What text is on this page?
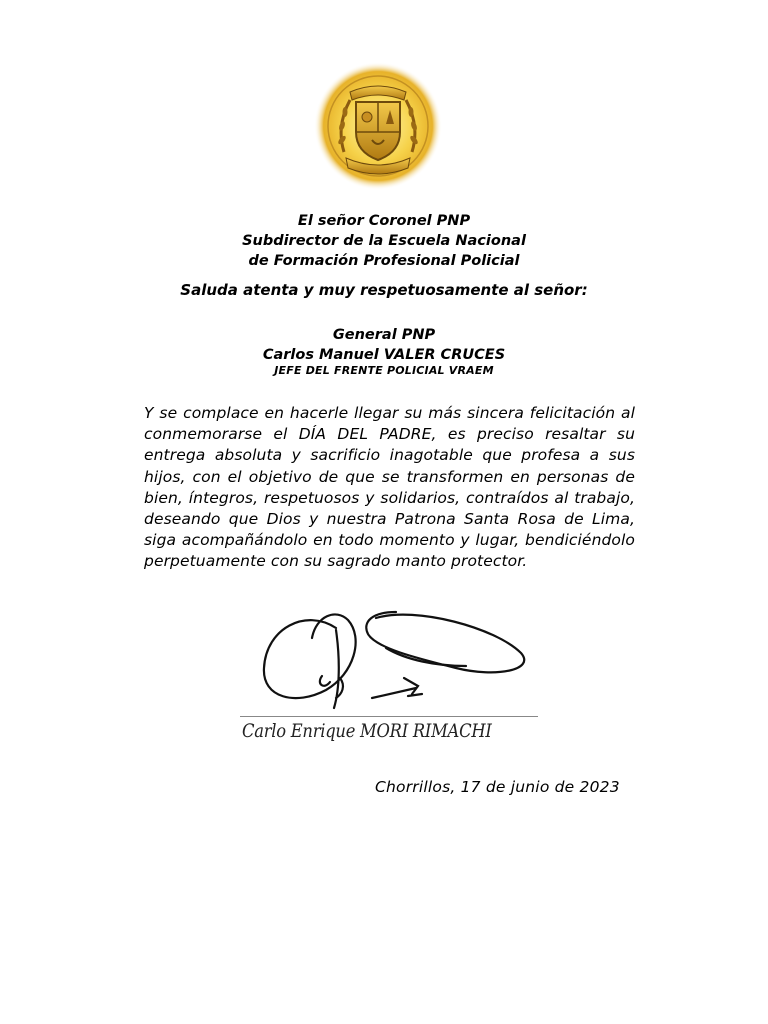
El señor Coronel PNP
Subdirector de la Escuela Nacional
de Formación Profesional Policial
Saluda atenta y muy respetuosamente al señor:
General PNP
Carlos Manuel VALER CRUCES
JEFE DEL FRENTE POLICIAL VRAEM
Y se complace en hacerle llegar su más sincera felicitación al conmemorarse el DÍA DEL PADRE, es preciso resaltar su entrega absoluta y sacrificio inagotable que profesa a sus hijos, con el objetivo de que se transformen en personas de bien, íntegros, respetuosos y solidarios, contraídos al trabajo, deseando que Dios y nuestra Patrona Santa Rosa de Lima, siga acompañándolo en todo momento y lugar, bendiciéndolo perpetuamente con su sagrado manto protector.
Carlo Enrique MORI RIMACHI
Chorrillos, 17 de junio de 2023
